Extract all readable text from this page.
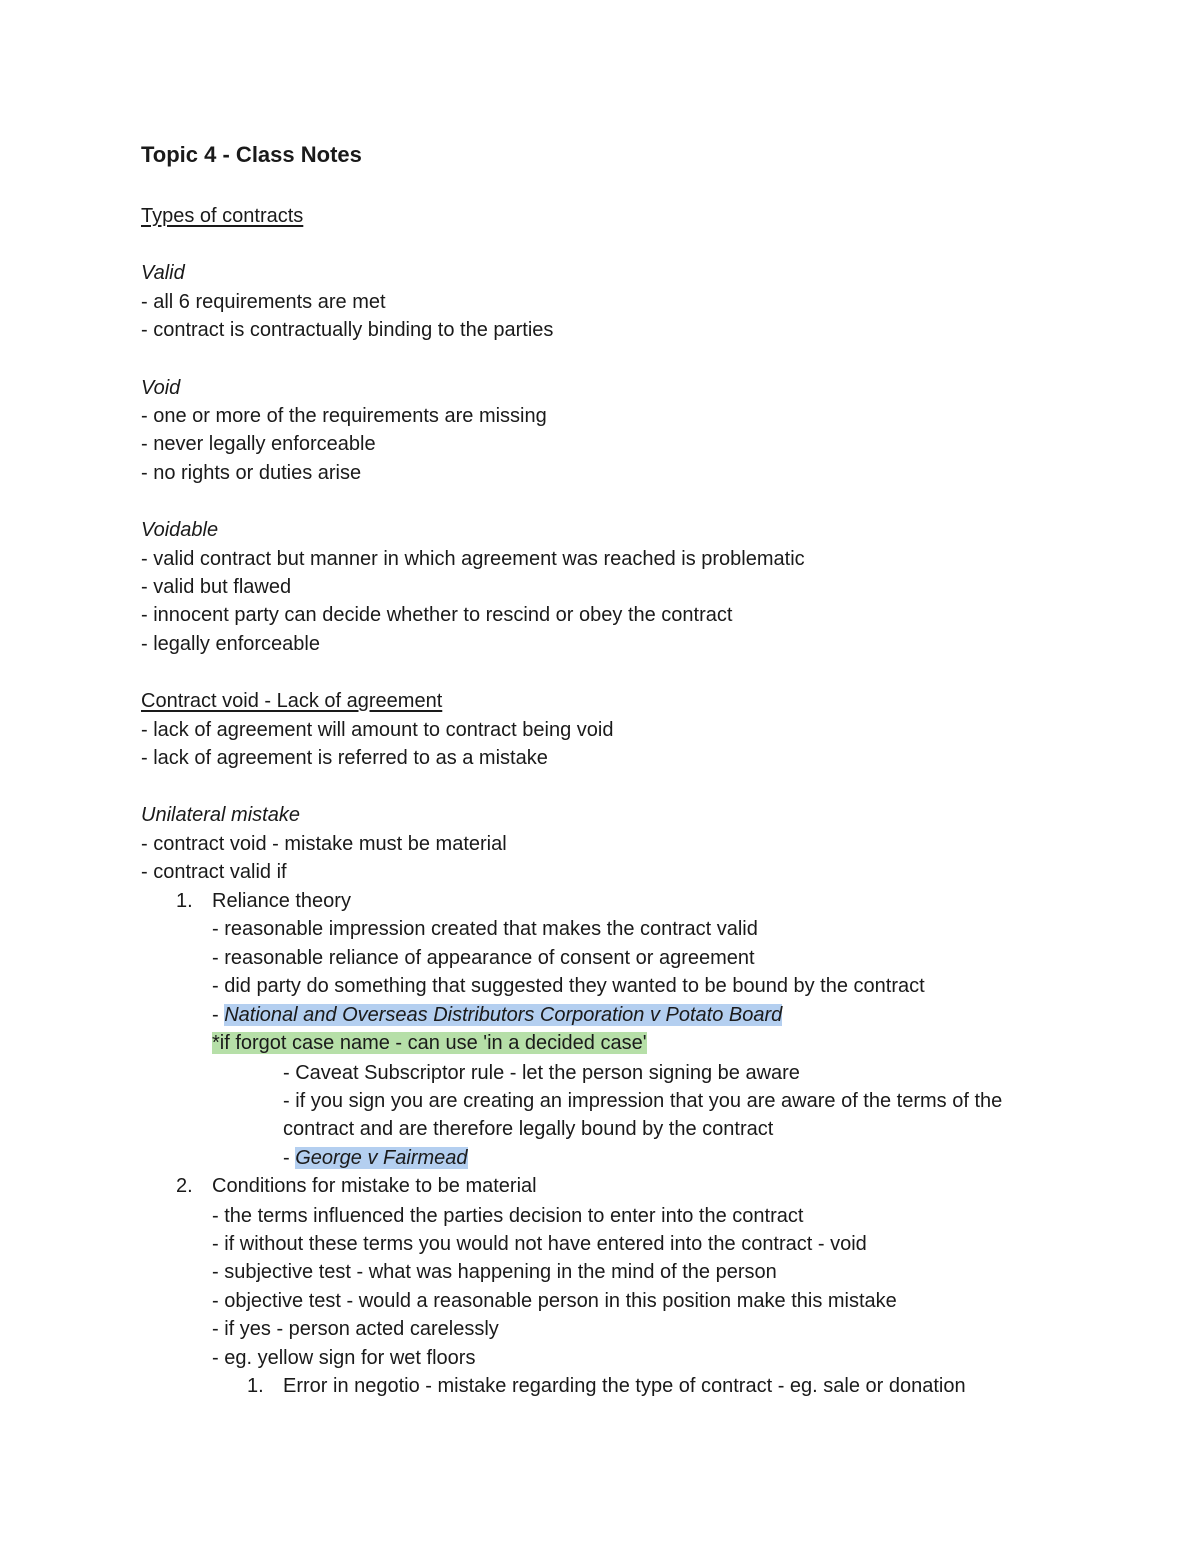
Topic 4 - Class Notes
Types of contracts
Valid
- all 6 requirements are met
- contract is contractually binding to the parties
Void
- one or more of the requirements are missing
- never legally enforceable
- no rights or duties arise
Voidable
- valid contract but manner in which agreement was reached is problematic
- valid but flawed
- innocent party can decide whether to rescind or obey the contract
- legally enforceable
Contract void - Lack of agreement
- lack of agreement will amount to contract being void
- lack of agreement is referred to as a mistake
Unilateral mistake
- contract void - mistake must be material
- contract valid if
1. Reliance theory
- reasonable impression created that makes the contract valid
- reasonable reliance of appearance of consent or agreement
- did party do something that suggested they wanted to be bound by the contract
- National and Overseas Distributors Corporation v Potato Board
*if forgot case name - can use 'in a decided case'
- Caveat Subscriptor rule - let the person signing be aware
- if you sign you are creating an impression that you are aware of the terms of the
contract and are therefore legally bound by the contract
- George v Fairmead
2. Conditions for mistake to be material
- the terms influenced the parties decision to enter into the contract
- if without these terms you would not have entered into the contract - void
- subjective test - what was happening in the mind of the person
- objective test - would a reasonable person in this position make this mistake
- if yes - person acted carelessly
- eg. yellow sign for wet floors
1. Error in negotio - mistake regarding the type of contract - eg. sale or donation
